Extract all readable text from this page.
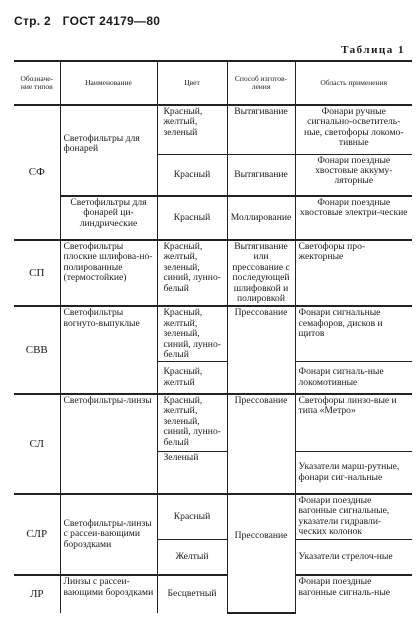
Стр. 2 ГОСТ 24179—80
Таблица 1
Обозначе-ние типов	Наименование	Цвет	Способ изготов-ления	Область применения
СФ	Светофильтры для фонарей	Красный, желтый, зеленый	Вытягивание	Фонари ручные сигнально-осветитель-ные, светофоры локомо-тивные
		Красный	Вытягивание	Фонари поездные хвостовые аккуму-ляторные
	Светофильтры для фонарей ци-линдрические	Красный	Моллирование	Фонари поездные хвостовые электри-ческие
СП	Светофильтры плоские шлифова-но-полированные (термостойкие)	Красный, желтый, зеленый, синий, лунно-белый	Вытягивание или прессование с последующей шлифовкой и полировкой	Светофоры про-жекторные
СВВ	Светофильтры вогнуто-выпуклые	Красный, желтый, зеленый, синий, лунно-белый	Прессование	Фонари сигнальные семафоров, дисков и щитов
		Красный, желтый		Фонари сигналь-ные локомотивные
СЛ	Светофильтры-линзы	Красный, желтый, зеленый, синий, лунно-белый	Прессование	Светофоры линзо-вые и типа «Метро»
		Зеленый		Указатели марш-рутные, фонари сиг-нальные
СЛР	Светофильтры-линзы с рассеи-вающими бороздками	Красный	Прессование	Фонари поездные вагонные сигнальные, указатели гидравли-ческих колонок
		Желтый		Указатели стрелоч-ные
ЛР	Линзы с рассеи-вающими бороздками	Бесцветный		Фонари поездные вагонные сигналь-ные
